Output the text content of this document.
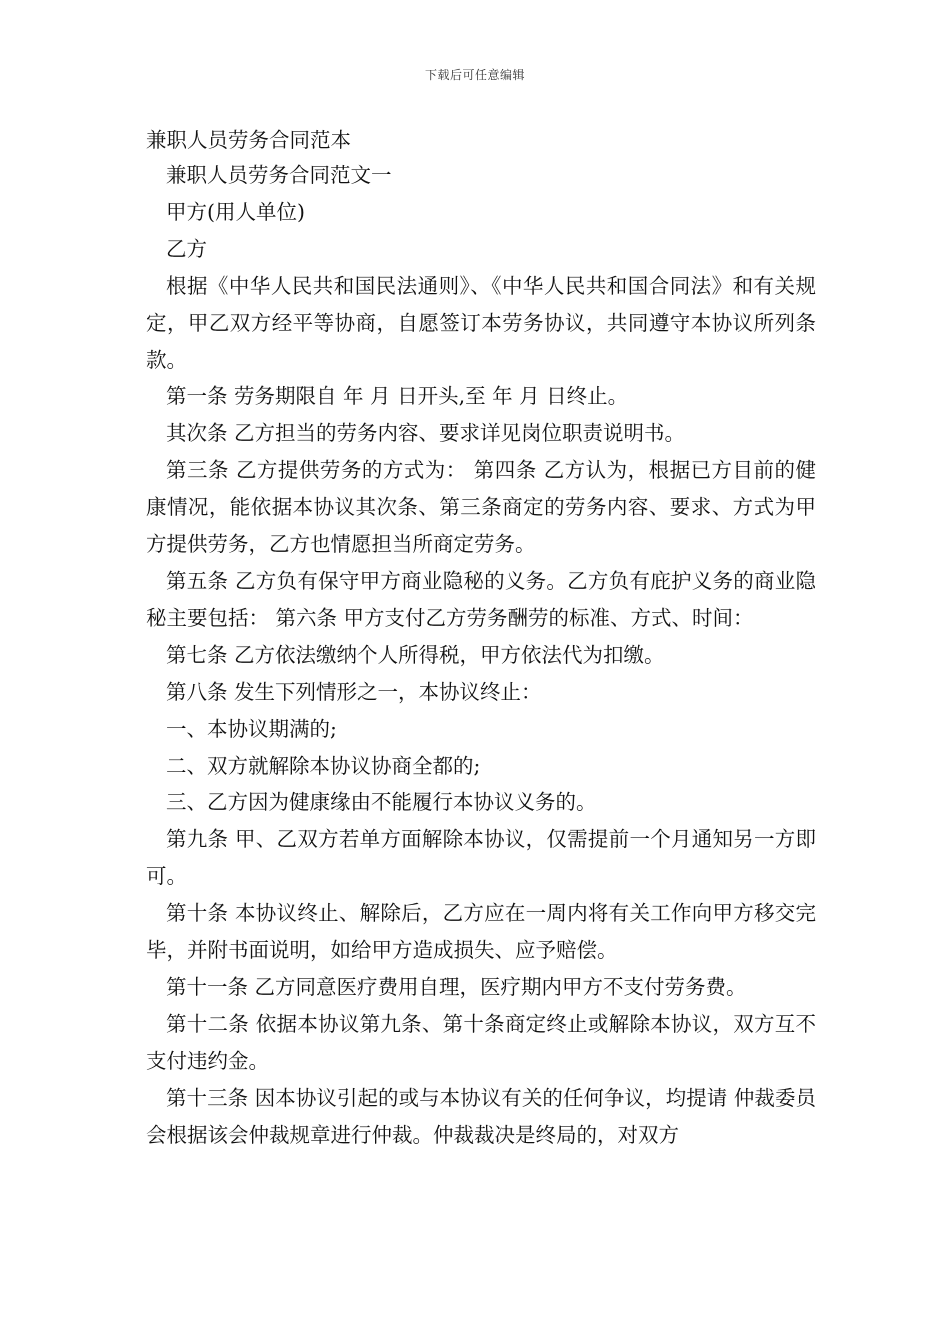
下载后可任意编辑
兼职人员劳务合同范本

兼职人员劳务合同范文一

甲方(用人单位)

乙方

根据《中华人民共和国民法通则》、《中华人民共和国合同法》和有关规定，甲乙双方经平等协商，自愿签订本劳务协议，共同遵守本协议所列条款。

第一条 劳务期限自 年 月 日开头,至 年 月 日终止。

其次条 乙方担当的劳务内容、要求详见岗位职责说明书。

第三条 乙方提供劳务的方式为： 第四条 乙方认为，根据已方目前的健康情况，能依据本协议其次条、第三条商定的劳务内容、要求、方式为甲方提供劳务，乙方也情愿担当所商定劳务。

第五条 乙方负有保守甲方商业隐秘的义务。乙方负有庇护义务的商业隐秘主要包括： 第六条 甲方支付乙方劳务酬劳的标准、方式、时间：

第七条 乙方依法缴纳个人所得税，甲方依法代为扣缴。

第八条 发生下列情形之一，本协议终止：

一、本协议期满的;

二、双方就解除本协议协商全都的;

三、乙方因为健康缘由不能履行本协议义务的。

第九条 甲、乙双方若单方面解除本协议，仅需提前一个月通知另一方即可。

第十条 本协议终止、解除后，乙方应在一周内将有关工作向甲方移交完毕，并附书面说明，如给甲方造成损失、应予赔偿。

第十一条 乙方同意医疗费用自理，医疗期内甲方不支付劳务费。

第十二条 依据本协议第九条、第十条商定终止或解除本协议，双方互不支付违约金。

第十三条 因本协议引起的或与本协议有关的任何争议，均提请 仲裁委员会根据该会仲裁规章进行仲裁。仲裁裁决是终局的，对双方
